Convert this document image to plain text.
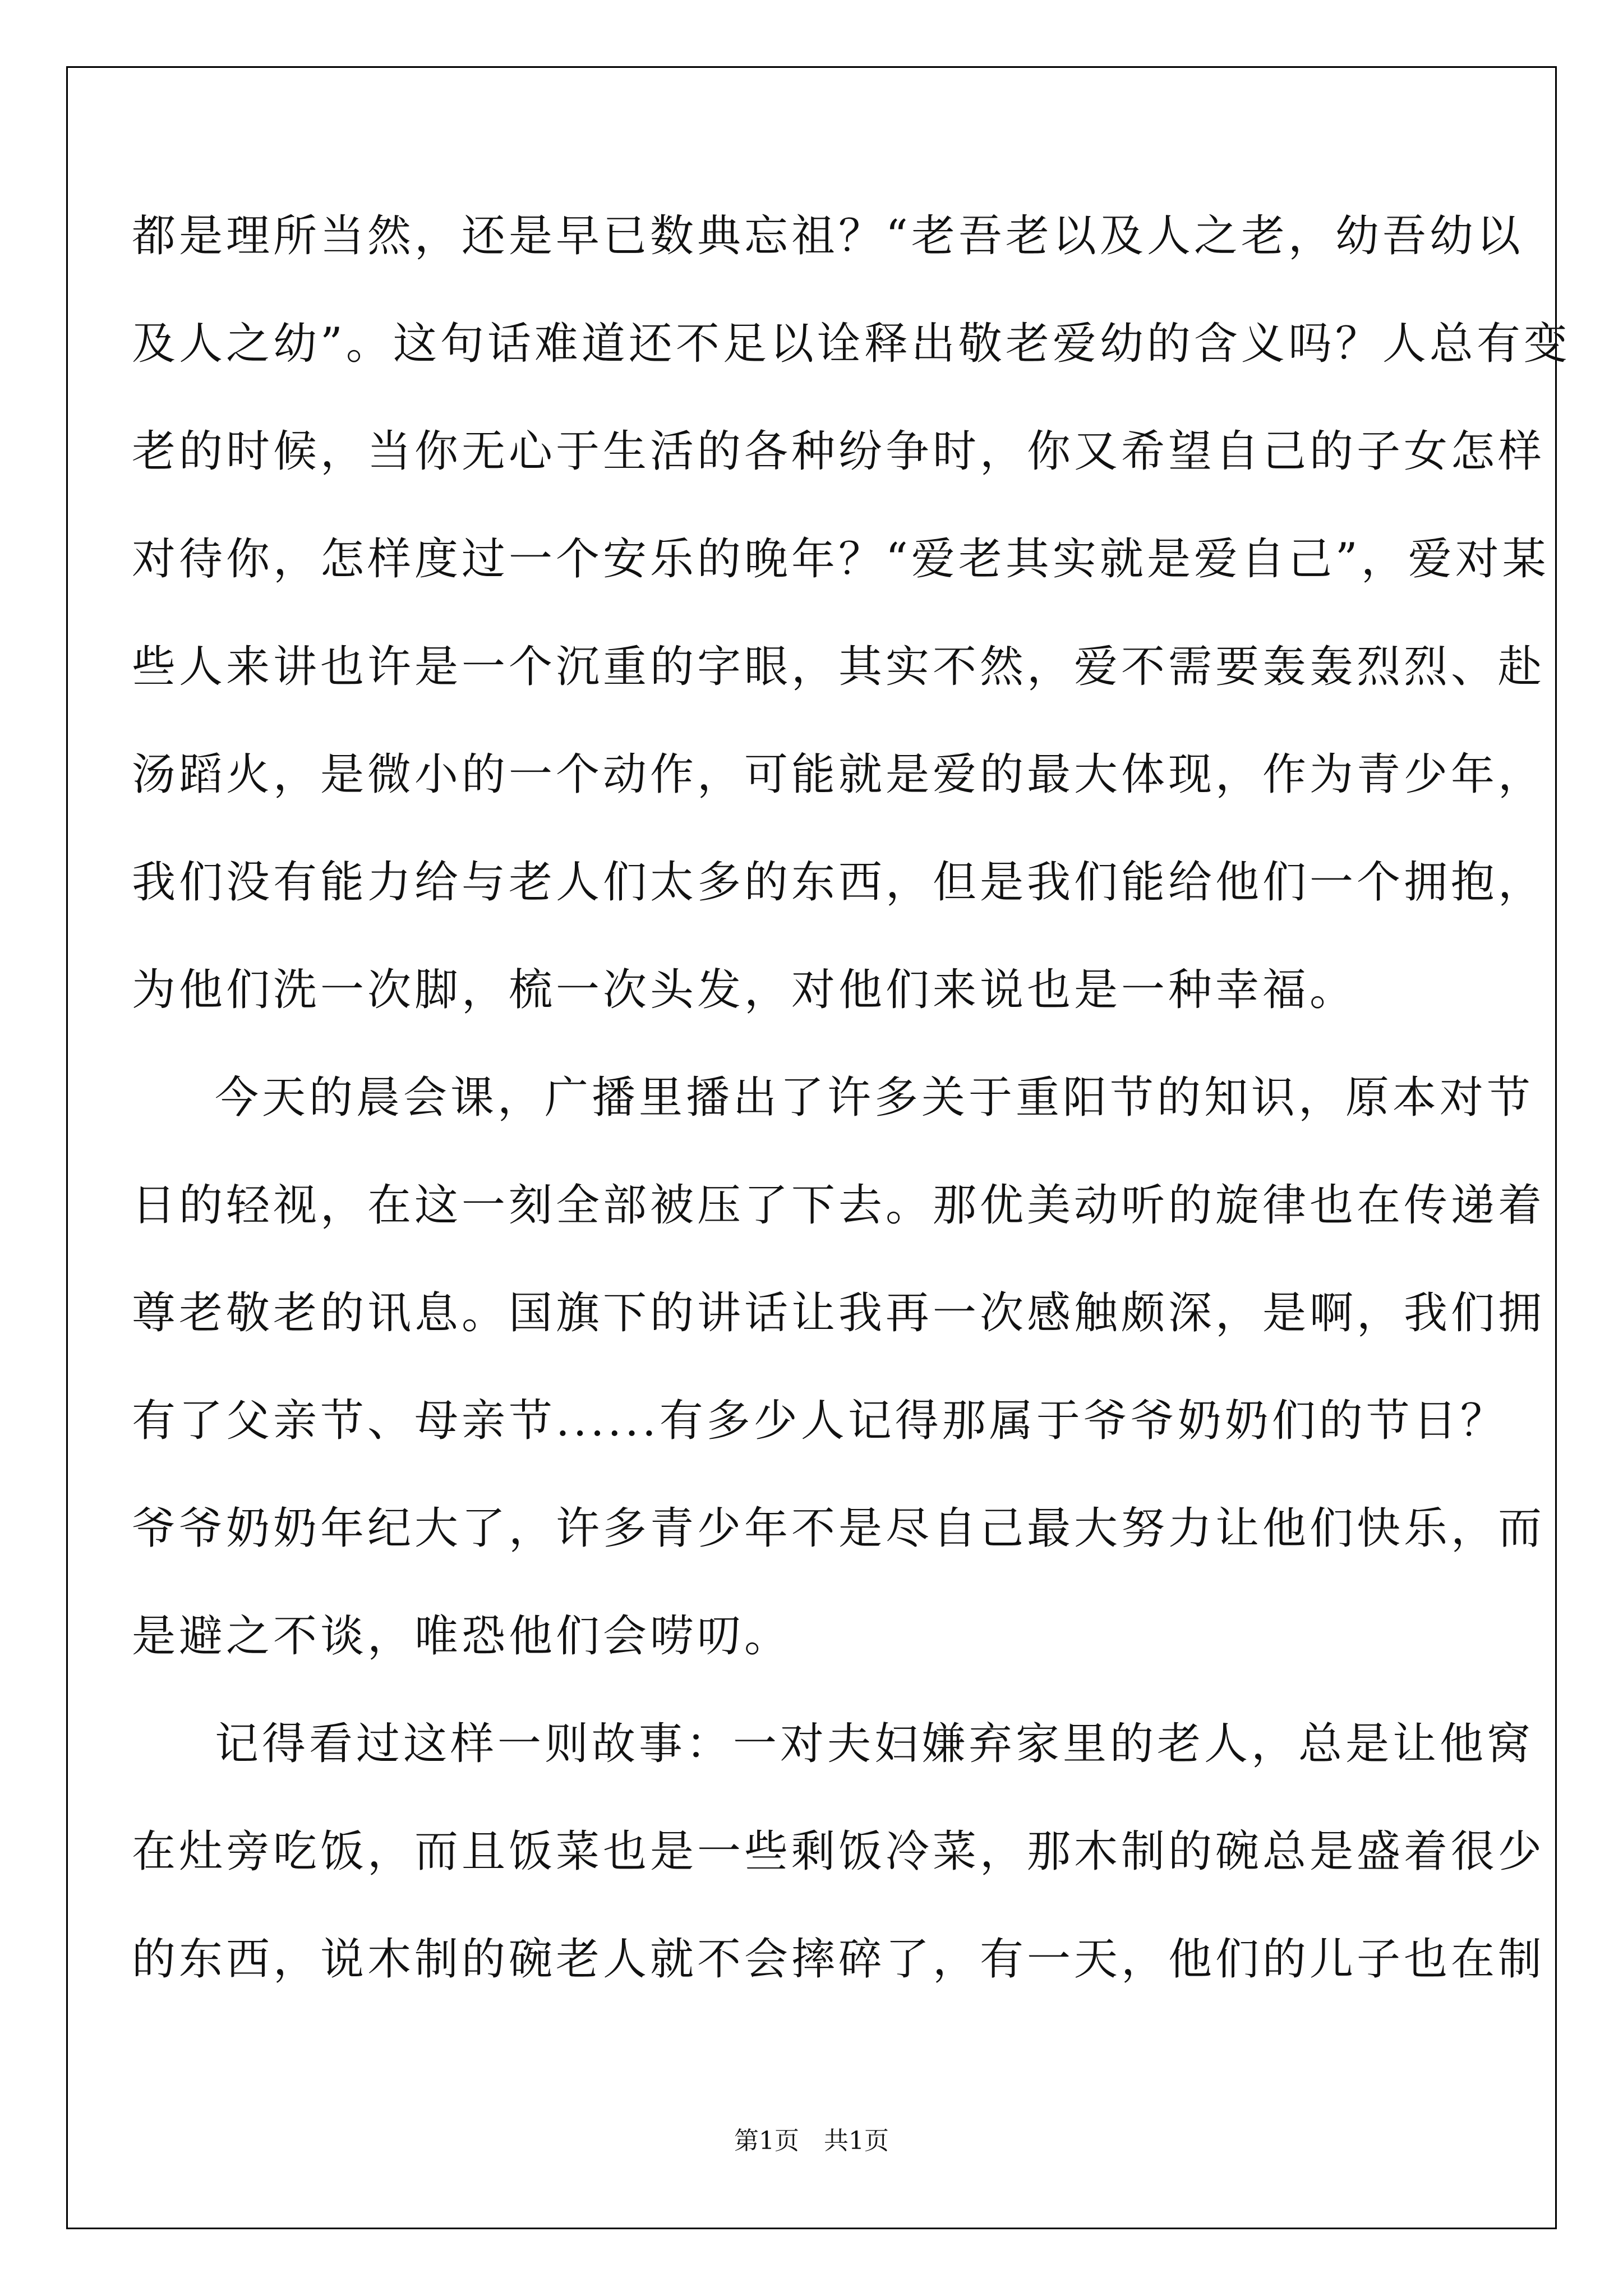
都是理所当然，还是早已数典忘祖？“老吾老以及人之老，幼吾幼以
及人之幼”。这句话难道还不足以诠释出敬老爱幼的含义吗？人总有变
老的时候，当你无心于生活的各种纷争时，你又希望自己的子女怎样
对待你，怎样度过一个安乐的晚年？“爱老其实就是爱自己”，爱对某
些人来讲也许是一个沉重的字眼，其实不然，爱不需要轰轰烈烈、赴
汤蹈火，是微小的一个动作，可能就是爱的最大体现，作为青少年，
我们没有能力给与老人们太多的东西，但是我们能给他们一个拥抱，
为他们洗一次脚，梳一次头发，对他们来说也是一种幸福。
今天的晨会课，广播里播出了许多关于重阳节的知识，原本对节
日的轻视，在这一刻全部被压了下去。那优美动听的旋律也在传递着
尊老敬老的讯息。国旗下的讲话让我再一次感触颇深，是啊，我们拥
有了父亲节、母亲节......有多少人记得那属于爷爷奶奶们的节日？
爷爷奶奶年纪大了，许多青少年不是尽自己最大努力让他们快乐，而
是避之不谈，唯恐他们会唠叨。
记得看过这样一则故事：一对夫妇嫌弃家里的老人，总是让他窝
在灶旁吃饭，而且饭菜也是一些剩饭冷菜，那木制的碗总是盛着很少
的东西，说木制的碗老人就不会摔碎了，有一天，他们的儿子也在制
第1页　共1页
